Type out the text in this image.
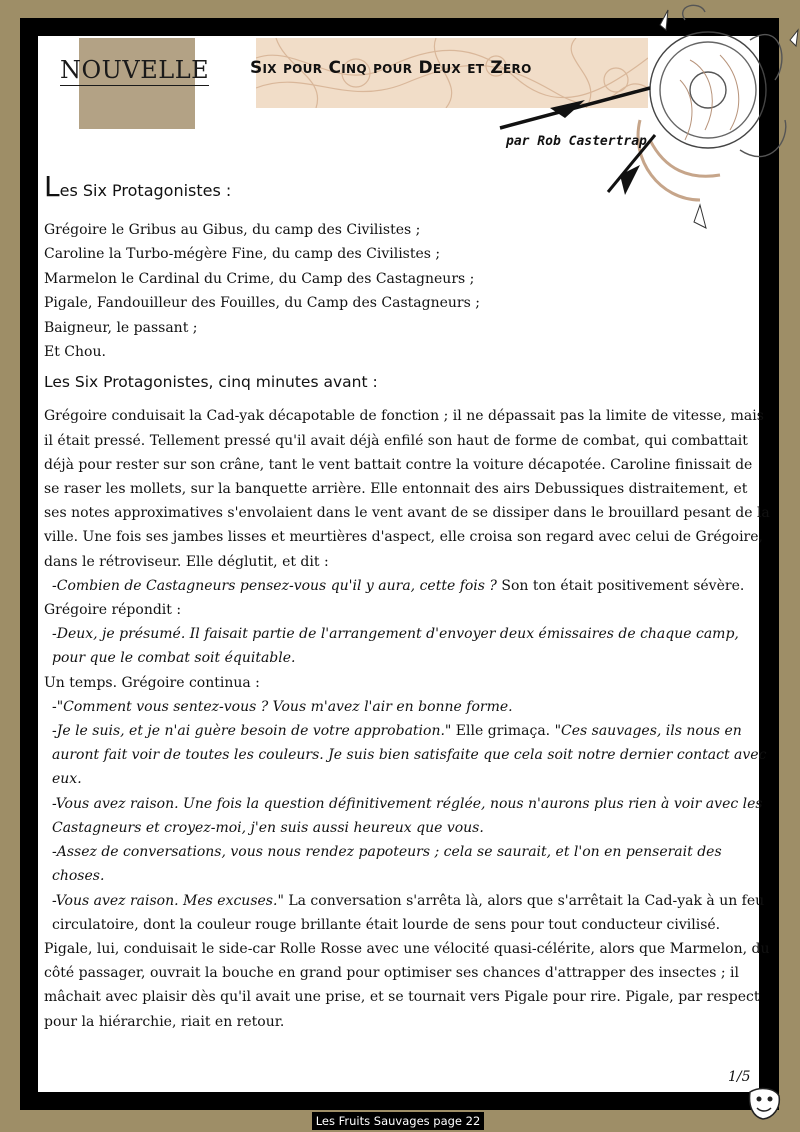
NOUVELLE Six pour Cinq pour Deux et Zero
par Rob Castertrap
Les Six Protagonistes :
Grégoire le Gribus au Gibus, du camp des Civilistes ;
Caroline la Turbo-mégère Fine, du camp des Civilistes ;
Marmelon le Cardinal du Crime, du Camp des Castagneurs ;
Pigale, Fandouilleur des Fouilles, du Camp des Castagneurs ;
Baigneur, le passant ;
Et Chou.
Les Six Protagonistes, cinq minutes avant :

Grégoire conduisait la Cad-yak décapotable de fonction ; il ne dépassait pas la limite de vitesse, mais il était pressé. Tellement pressé qu'il avait déjà enfilé son haut de forme de combat, qui combattait déjà pour rester sur son crâne, tant le vent battait contre la voiture décapotée. Caroline finissait de se raser les mollets, sur la banquette arrière. Elle entonnait des airs Debussiques distraitement, et ses notes approximatives s'envolaient dans le vent avant de se dissiper dans le brouillard pesant de la ville. Une fois ses jambes lisses et meurtières d'aspect, elle croisa son regard avec celui de Grégoire, dans le rétroviseur. Elle déglutit, et dit :

-Combien de Castagneurs pensez-vous qu'il y aura, cette fois ? Son ton était positivement sévère.

Grégoire répondit :

-Deux, je présumé. Il faisait partie de l'arrangement d'envoyer deux émissaires de chaque camp, pour que le combat soit équitable.

Un temps. Grégoire continua :

-"Comment vous sentez-vous ? Vous m'avez l'air en bonne forme.

-Je le suis, et je n'ai guère besoin de votre approbation." Elle grimaça. "Ces sauvages, ils nous en auront fait voir de toutes les couleurs. Je suis bien satisfaite que cela soit notre dernier contact avec eux.

-Vous avez raison. Une fois la question définitivement réglée, nous n'aurons plus rien à voir avec les Castagneurs et croyez-moi, j'en suis aussi heureux que vous.

-Assez de conversations, vous nous rendez papoteurs ; cela se saurait, et l'on en penserait des choses.

-Vous avez raison. Mes excuses." La conversation s'arrêta là, alors que s'arrêtait la Cad-yak à un feu circulatoire, dont la couleur rouge brillante était lourde de sens pour tout conducteur civilisé.

Pigale, lui, conduisait le side-car Rolle Rosse avec une vélocité quasi-célérite, alors que Marmelon, du côté passager, ouvrait la bouche en grand pour optimiser ses chances d'attrapper des insectes ; il mâchait avec plaisir dès qu'il avait une prise, et se tournait vers Pigale pour rire. Pigale, par respect pour la hiérarchie, riait en retour.

1/5
Les Fruits Sauvages page 22
